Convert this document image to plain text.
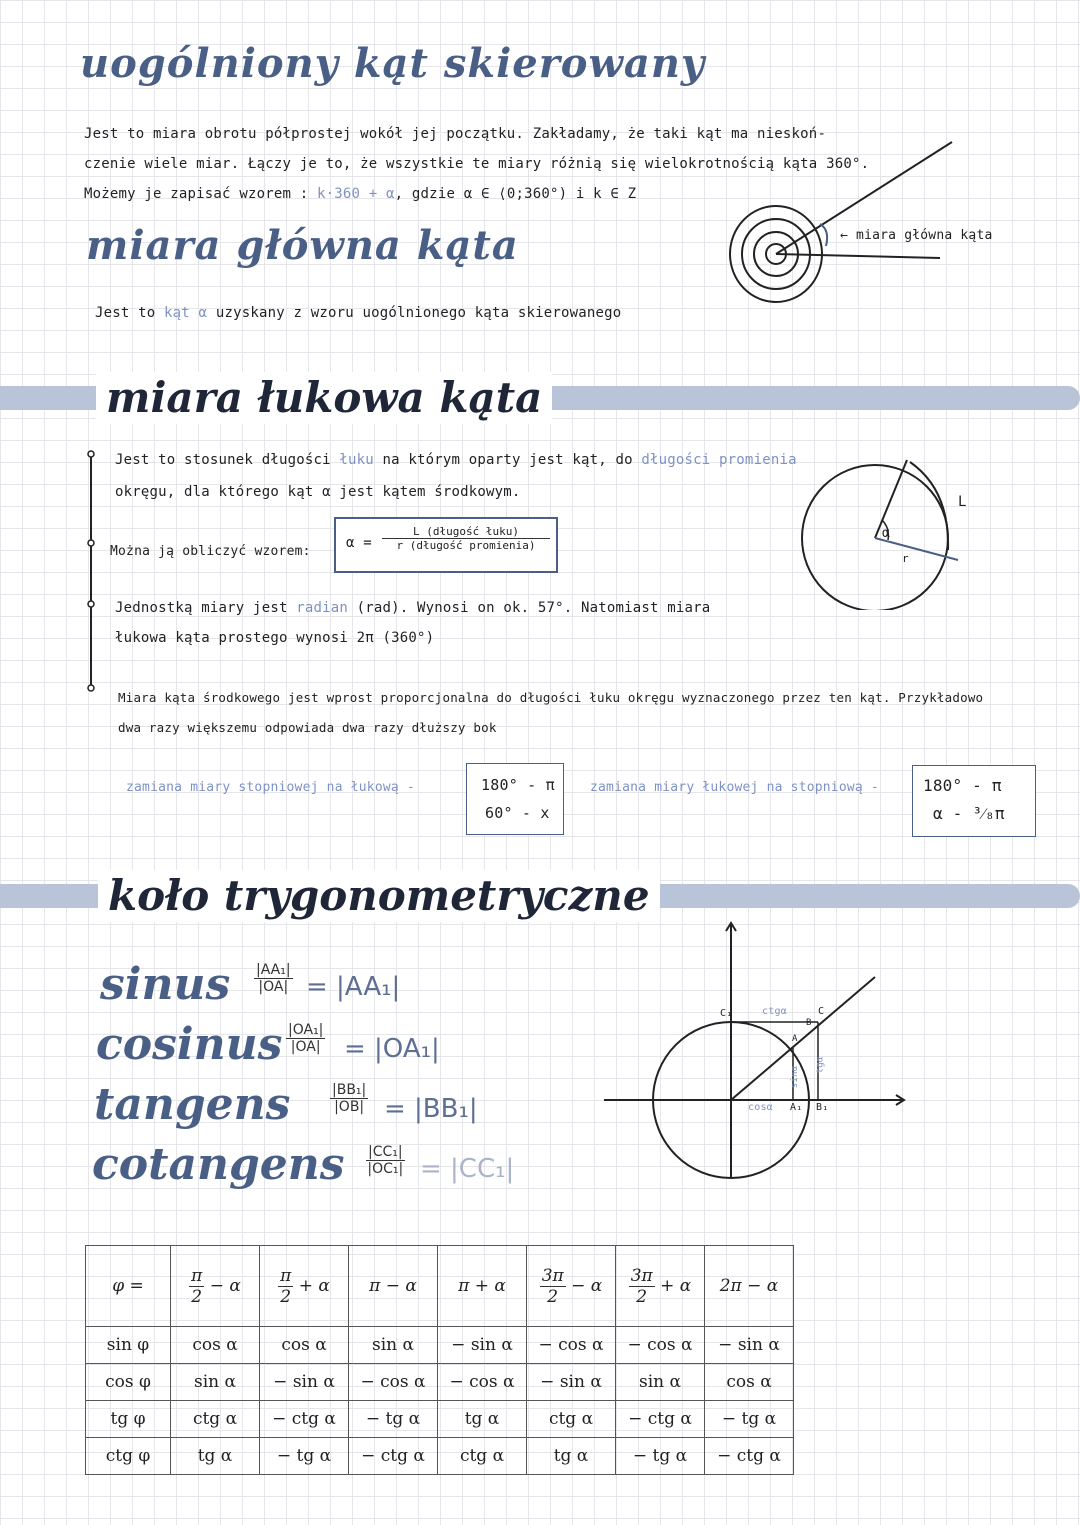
uogólniony kąt skierowany
Jest to miara obrotu półprostej wokół jej początku. Zakładamy, że taki kąt ma nieskoń-
czenie wiele miar. Łączy je to, że wszystkie te miary różnią się wielokrotnością kąta 360°.
Możemy je zapisać wzorem : k·360 + α, gdzie α ∈ ⟨0;360°) i k ∈ Z
miara główna kąta
Jest to kąt α uzyskany z wzoru uogólnionego kąta skierowanego
← miara główna kąta
miara łukowa kąta
Jest to stosunek długości łuku na którym oparty jest kąt, do długości promienia
okręgu, dla którego kąt α jest kątem środkowym.
Można ją obliczyć wzorem:
α =
L (długość łuku)
r (długość promienia)
Jednostką miary jest radian (rad). Wynosi on ok. 57°. Natomiast miara
łukowa kąta prostego wynosi 2π (360°)
Miara kąta środkowego jest wprost proporcjonalna do długości łuku okręgu wyznaczonego przez ten kąt. Przykładowo
dwa razy większemu odpowiada dwa razy dłuższy bok
L
α
r
zamiana miary stopniowej na łukową -	180° - π
60° - x
zamiana miary łukowej na stopniową -	180° - π
α - ³⁄₈π
koło trygonometryczne
sinus $\frac{\text{|AA₁|}}{|OA|} = |AA_1|$
cosinus $\frac{\text{|OA₁|}}{|OA|} = |OA_1|$
tangens	$\frac{\text{|BB₁|}}{|OB|} = |BB_1|$
cotangens $\frac{\text{|CC₁|}}{\text{|OC₁|}} = |CC_1|$
C₁	C
B
A
A₁ B₁
ctgα
sinα
tgα
cosα
φ =	$\frac{\pi}{2} - \alpha$	$\frac{\pi}{2} + \alpha$	π − α	π + α	$\frac{3\pi}{2} - \alpha$	$\frac{3\pi}{2} + \alpha$	2π − α
sin φ	cos α	cos α	sin α	− sin α	− cos α	− cos α	− sin α
cos φ	sin α	− sin α	− cos α	− cos α	− sin α	sin α	cos α
tg φ	ctg α	− ctg α	− tg α	tg α	ctg α	− ctg α	− tg α
ctg φ	tg α	− tg α	− ctg α	ctg α	tg α	− tg α	− ctg α
